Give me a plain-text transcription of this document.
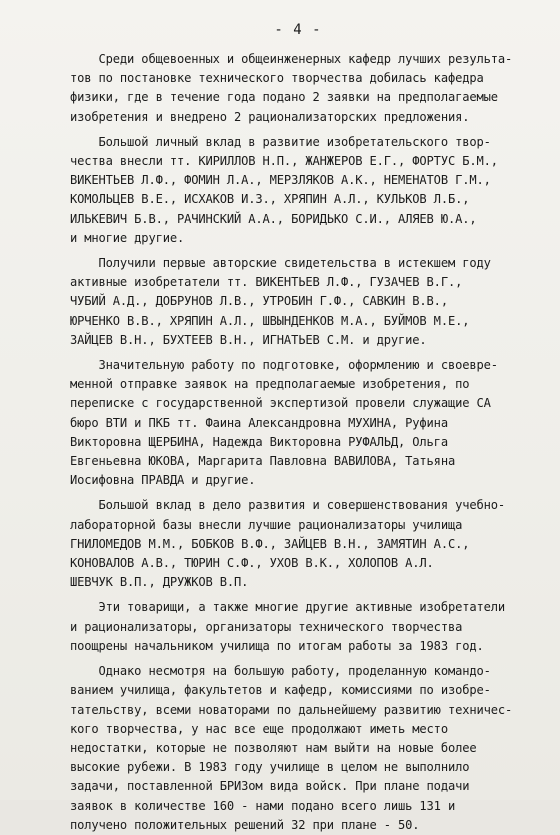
- 4 -
Среди общевоенных и общеинженерных кафедр лучших результа-
тов по постановке технического творчества добилась кафедра
физики, где в течение года подано 2 заявки на предполагаемые
изобретения и внедрено 2 рационализаторских предложения.
Большой личный вклад в развитие изобретательского твор-
чества внесли тт. КИРИЛЛОВ Н.П., ЖАНЖЕРОВ Е.Г., ФОРТУС Б.М.,
ВИКЕНТЬЕВ Л.Ф., ФОМИН Л.А., МЕРЗЛЯКОВ А.К., НЕМЕНАТОВ Г.М.,
КОМОЛЬЦЕВ В.Е., ИСХАКОВ И.З., ХРЯПИН А.Л., КУЛЬКОВ Л.Б.,
ИЛЬКЕВИЧ Б.В., РАЧИНСКИЙ А.А., БОРИДЬКО С.И., АЛЯЕВ Ю.А.,
и многие другие.
Получили первые авторские свидетельства в истекшем году
активные изобретатели тт. ВИКЕНТЬЕВ Л.Ф., ГУЗАЧЕВ В.Г.,
ЧУБИЙ А.Д., ДОБРУНОВ Л.В., УТРОБИН Г.Ф., САВКИН В.В.,
ЮРЧЕНКО В.В., ХРЯПИН А.Л., ШВЫНДЕНКОВ М.А., БУЙМОВ М.Е.,
ЗАЙЦЕВ В.Н., БУХТЕЕВ В.Н., ИГНАТЬЕВ С.М. и другие.
Значительную работу по подготовке, оформлению и своевре-
менной отправке заявок на предполагаемые изобретения, по
переписке с государственной экспертизой провели служащие СА
бюро ВТИ и ПКБ тт. Фаина Александровна МУХИНА, Руфина
Викторовна ЩЕРБИНА, Надежда Викторовна РУФАЛЬД, Ольга
Евгеньевна ЮКОВА, Маргарита Павловна ВАВИЛОВА, Татьяна
Иосифовна ПРАВДА и другие.
Большой вклад в дело развития и совершенствования учебно-
лабораторной базы внесли лучшие рационализаторы училища
ГНИЛОМЕДОВ М.М., БОБКОВ В.Ф., ЗАЙЦЕВ В.Н., ЗАМЯТИН А.С.,
КОНОВАЛОВ А.В., ТЮРИН С.Ф., УХОВ В.К., ХОЛОПОВ А.Л.
ШЕВЧУК В.П., ДРУЖКОВ В.П.
Эти товарищи, а также многие другие активные изобретатели
и рационализаторы, организаторы технического творчества
поощрены начальником училища по итогам работы за 1983 год.
Однако несмотря на большую работу, проделанную командо-
ванием училища, факультетов и кафедр, комиссиями по изобре-
тательству, всеми новаторами по дальнейшему развитию техничес-
кого творчества, у нас все еще продолжают иметь место
недостатки, которые не позволяют нам выйти на новые более
высокие рубежи. В 1983 году училище в целом не выполнило
задачи, поставленной БРИЗом вида войск. При плане подачи
заявок в количестве 160 - нами подано всего лишь 131 и
получено положительных решений 32 при плане - 50.
